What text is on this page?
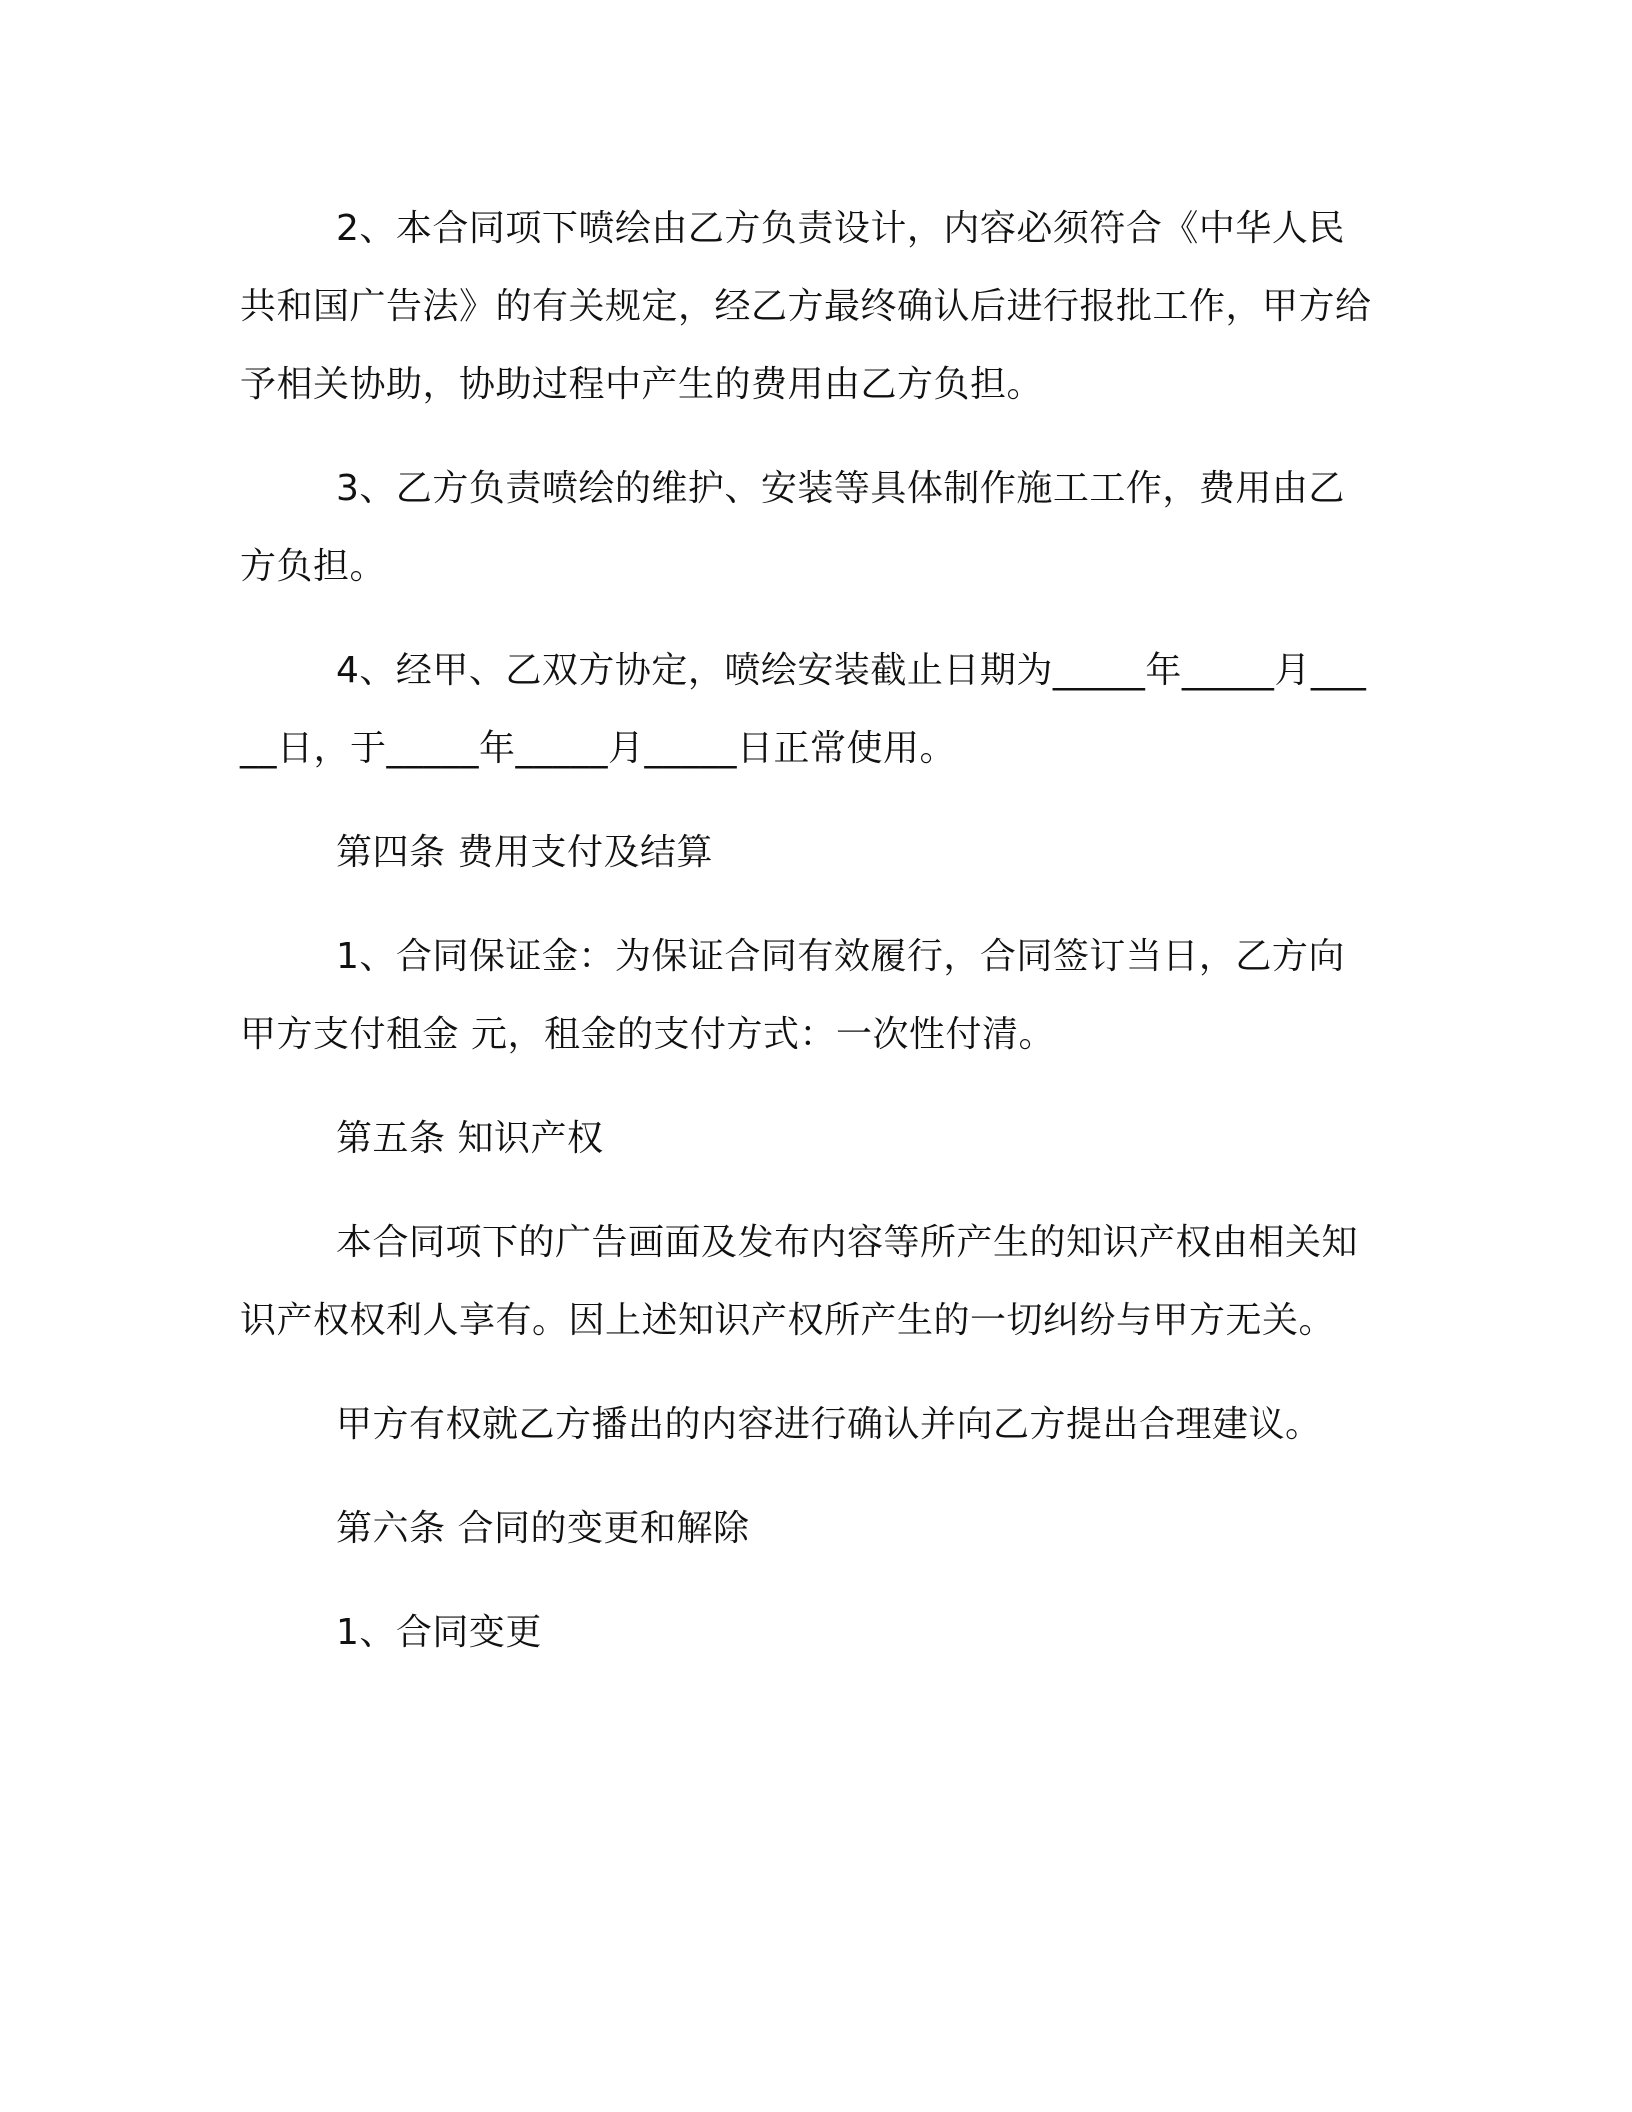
2、本合同项下喷绘由乙方负责设计，内容必须符合《中华人民共和国广告法》的有关规定，经乙方最终确认后进行报批工作，甲方给予相关协助，协助过程中产生的费用由乙方负担。

3、乙方负责喷绘的维护、安装等具体制作施工工作，费用由乙方负担。

4、经甲、乙双方协定，喷绘安装截止日期为_____年_____月_____日，于_____年_____月_____日正常使用。

第四条 费用支付及结算

1、合同保证金：为保证合同有效履行，合同签订当日，乙方向甲方支付租金 元，租金的支付方式：一次性付清。

第五条 知识产权

本合同项下的广告画面及发布内容等所产生的知识产权由相关知识产权权利人享有。因上述知识产权所产生的一切纠纷与甲方无关。

甲方有权就乙方播出的内容进行确认并向乙方提出合理建议。

第六条 合同的变更和解除

1、合同变更
